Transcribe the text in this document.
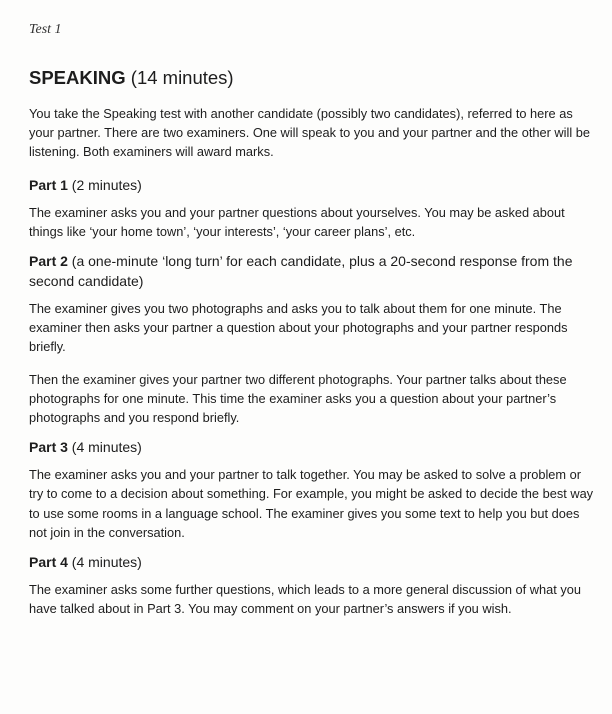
Test 1
SPEAKING (14 minutes)

You take the Speaking test with another candidate (possibly two candidates), referred to here as your partner. There are two examiners. One will speak to you and your partner and the other will be listening. Both examiners will award marks.

Part 1 (2 minutes)

The examiner asks you and your partner questions about yourselves. You may be asked about things like ‘your home town’, ‘your interests’, ‘your career plans’, etc.

Part 2 (a one-minute ‘long turn’ for each candidate, plus a 20-second response from the second candidate)

The examiner gives you two photographs and asks you to talk about them for one minute. The examiner then asks your partner a question about your photographs and your partner responds briefly.

Then the examiner gives your partner two different photographs. Your partner talks about these photographs for one minute. This time the examiner asks you a question about your partner’s photographs and you respond briefly.

Part 3 (4 minutes)

The examiner asks you and your partner to talk together. You may be asked to solve a problem or try to come to a decision about something. For example, you might be asked to decide the best way to use some rooms in a language school. The examiner gives you some text to help you but does not join in the conversation.

Part 4 (4 minutes)

The examiner asks some further questions, which leads to a more general discussion of what you have talked about in Part 3. You may comment on your partner’s answers if you wish.
